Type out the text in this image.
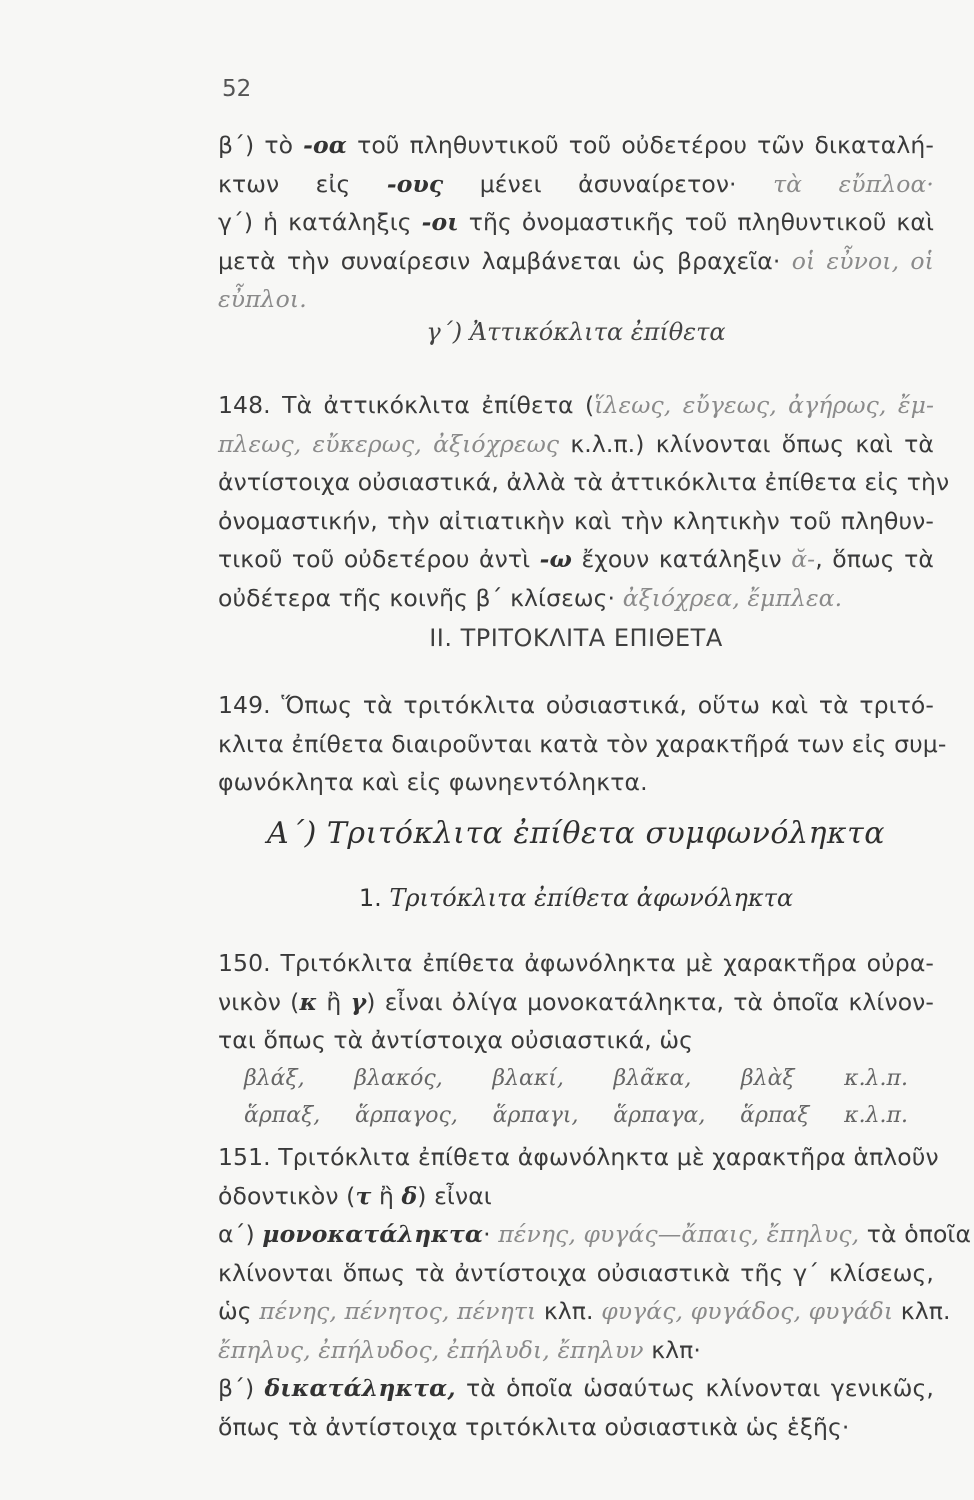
52
β΄) τὸ -οα τοῦ πληθυντικοῦ τοῦ οὐδετέρου τῶν δικαταλή-
κτων εἰς -ους μένει ἀσυναίρετον· τὰ εὔπλοα·
γ΄) ἡ κατάληξις -οι τῆς ὀνομαστικῆς τοῦ πληθυντικοῦ καὶ
μετὰ τὴν συναίρεσιν λαμβάνεται ὡς βραχεῖα· οἱ εὖνοι, οἱ
εὖπλοι.
γ΄) Ἀττικόκλιτα ἐπίθετα
148. Τὰ ἀττικόκλιτα ἐπίθετα (ἵλεως, εὔγεως, ἀγήρως, ἔμ-
πλεως, εὔκερως, ἀξιόχρεως κ.λ.π.) κλίνονται ὅπως καὶ τὰ
ἀντίστοιχα οὐσιαστικά, ἀλλὰ τὰ ἀττικόκλιτα ἐπίθετα εἰς τὴν
ὀνομαστικήν, τὴν αἰτιατικὴν καὶ τὴν κλητικὴν τοῦ πληθυν-
τικοῦ τοῦ οὐδετέρου ἀντὶ -ω ἔχουν κατάληξιν ᾰ-, ὅπως τὰ
οὐδέτερα τῆς κοινῆς β΄ κλίσεως· ἀξιόχρεα, ἔμπλεα.
ΙΙ. ΤΡΙΤΟΚΛΙΤΑ ΕΠΙΘΕΤΑ
149. Ὅπως τὰ τριτόκλιτα οὐσιαστικά, οὕτω καὶ τὰ τριτό-
κλιτα ἐπίθετα διαιροῦνται κατὰ τὸν χαρακτῆρά των εἰς συμ-
φωνόκλητα καὶ εἰς φωνηεντόληκτα.
Α΄) Τριτόκλιτα ἐπίθετα συμφωνόληκτα
1. Τριτόκλιτα ἐπίθετα ἀφωνόληκτα
150. Τριτόκλιτα ἐπίθετα ἀφωνόληκτα μὲ χαρακτῆρα οὐρα-
νικὸν (κ ἢ γ) εἶναι ὀλίγα μονοκατάληκτα, τὰ ὁποῖα κλίνον-
ται ὅπως τὰ ἀντίστοιχα οὐσιαστικά, ὡς
βλάξ, βλακός, βλακί, βλᾶκα, βλὰξ κ.λ.π.
ἅρπαξ, ἅρπαγος, ἅρπαγι, ἅρπαγα, ἅρπαξ κ.λ.π.
151. Τριτόκλιτα ἐπίθετα ἀφωνόληκτα μὲ χαρακτῆρα ἁπλοῦν
ὀδοντικὸν (τ ἢ δ) εἶναι
α΄) μονοκατάληκτα· πένης, φυγάς—ἄπαις, ἔπηλυς, τὰ ὁποῖα
κλίνονται ὅπως τὰ ἀντίστοιχα οὐσιαστικὰ τῆς γ΄ κλίσεως,
ὡς πένης, πένητος, πένητι κλπ. φυγάς, φυγάδος, φυγάδι κλπ.
ἔπηλυς, ἐπήλυδος, ἐπήλυδι, ἔπηλυν κλπ·
β΄) δικατάληκτα, τὰ ὁποῖα ὡσαύτως κλίνονται γενικῶς,
ὅπως τὰ ἀντίστοιχα τριτόκλιτα οὐσιαστικὰ ὡς ἑξῆς·
